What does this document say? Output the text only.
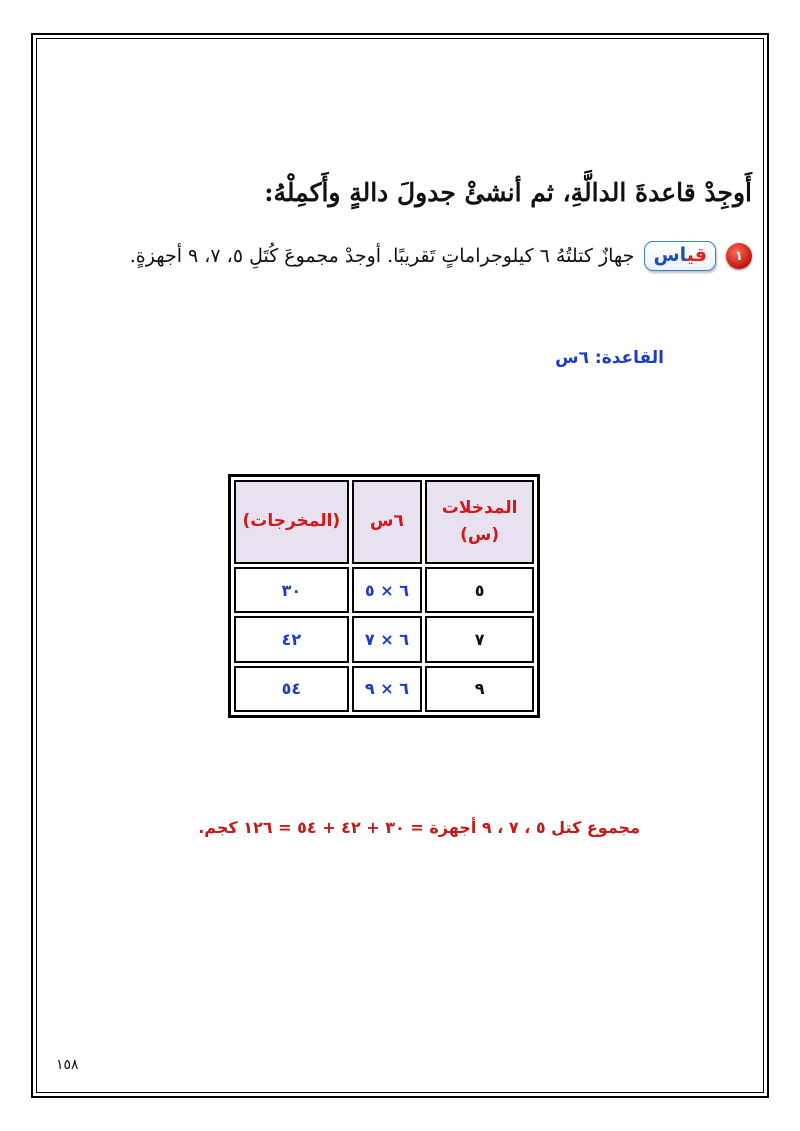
أَوجِدْ قاعدةَ الدالَّةِ، ثم أنشئْ جدولَ دالةٍ وأَكمِلْهُ:
١
قياس
جهازٌ كتلتُهُ ٦ كيلوجراماتٍ تَقريبًا. أوجدْ مجموعَ كُتَلِ ٥، ٧، ٩ أجهزةٍ.
القاعدة: ٦س
المدخلات
(س)	٦س	(المخرجات)
٥	٦ × ٥	٣٠
٧	٦ × ٧	٤٢
٩	٦ × ٩	٥٤
مجموع كتل ٥ ، ٧ ، ٩ أجهزة = ٣٠ + ٤٢ + ٥٤ = ١٢٦ كجم.
١٥٨
